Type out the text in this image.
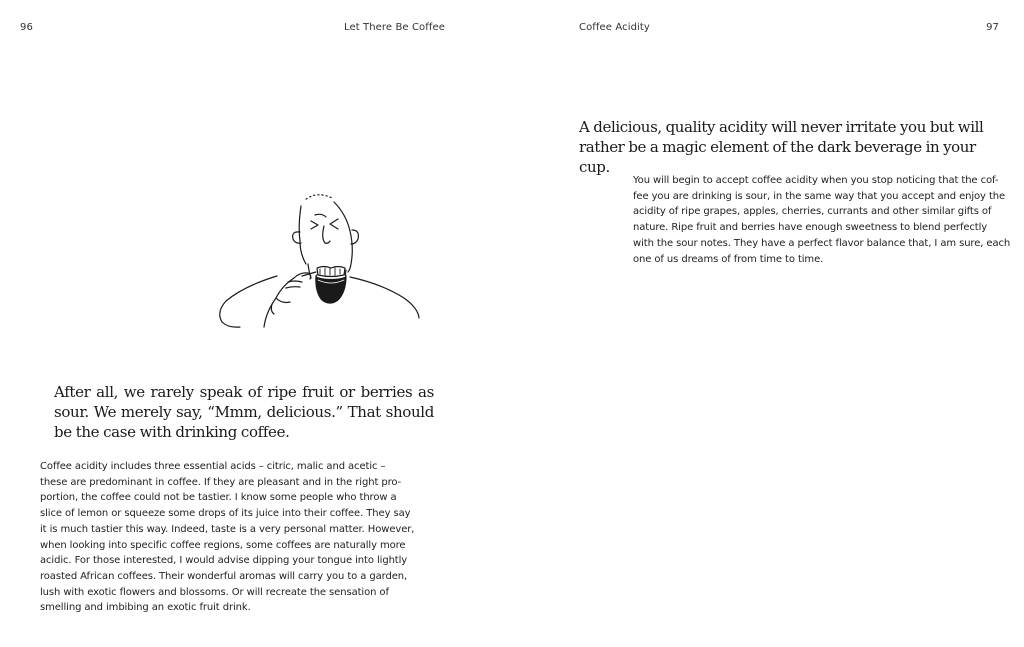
96	Let There Be Coffee

After all, we rarely speak of ripe fruit or berries as sour. We merely say, “Mmm, delicious.” That should be the case with drinking coffee.

Coffee acidity includes three essential acids – citric, malic and acetic –
these are predominant in coffee. If they are pleasant and in the right pro-
portion, the coffee could not be tastier. I know some people who throw a
slice of lemon or squeeze some drops of its juice into their coffee. They say
it is much tastier this way. Indeed, taste is a very personal matter. However,
when looking into specific coffee regions, some coffees are naturally more
acidic. For those interested, I would advise dipping your tongue into lightly
roasted African coffees. Their wonderful aromas will carry you to a garden,
lush with exotic flowers and blossoms. Or will recreate the sensation of
smelling and imbibing an exotic fruit drink.
Coffee Acidity	97

A delicious, quality acidity will never irritate you but will rather be a magic element of the dark beverage in your cup.

You will begin to accept coffee acidity when you stop noticing that the cof-
fee you are drinking is sour, in the same way that you accept and enjoy the
acidity of ripe grapes, apples, cherries, currants and other similar gifts of
nature. Ripe fruit and berries have enough sweetness to blend perfectly
with the sour notes. They have a perfect flavor balance that, I am sure, each
one of us dreams of from time to time.
